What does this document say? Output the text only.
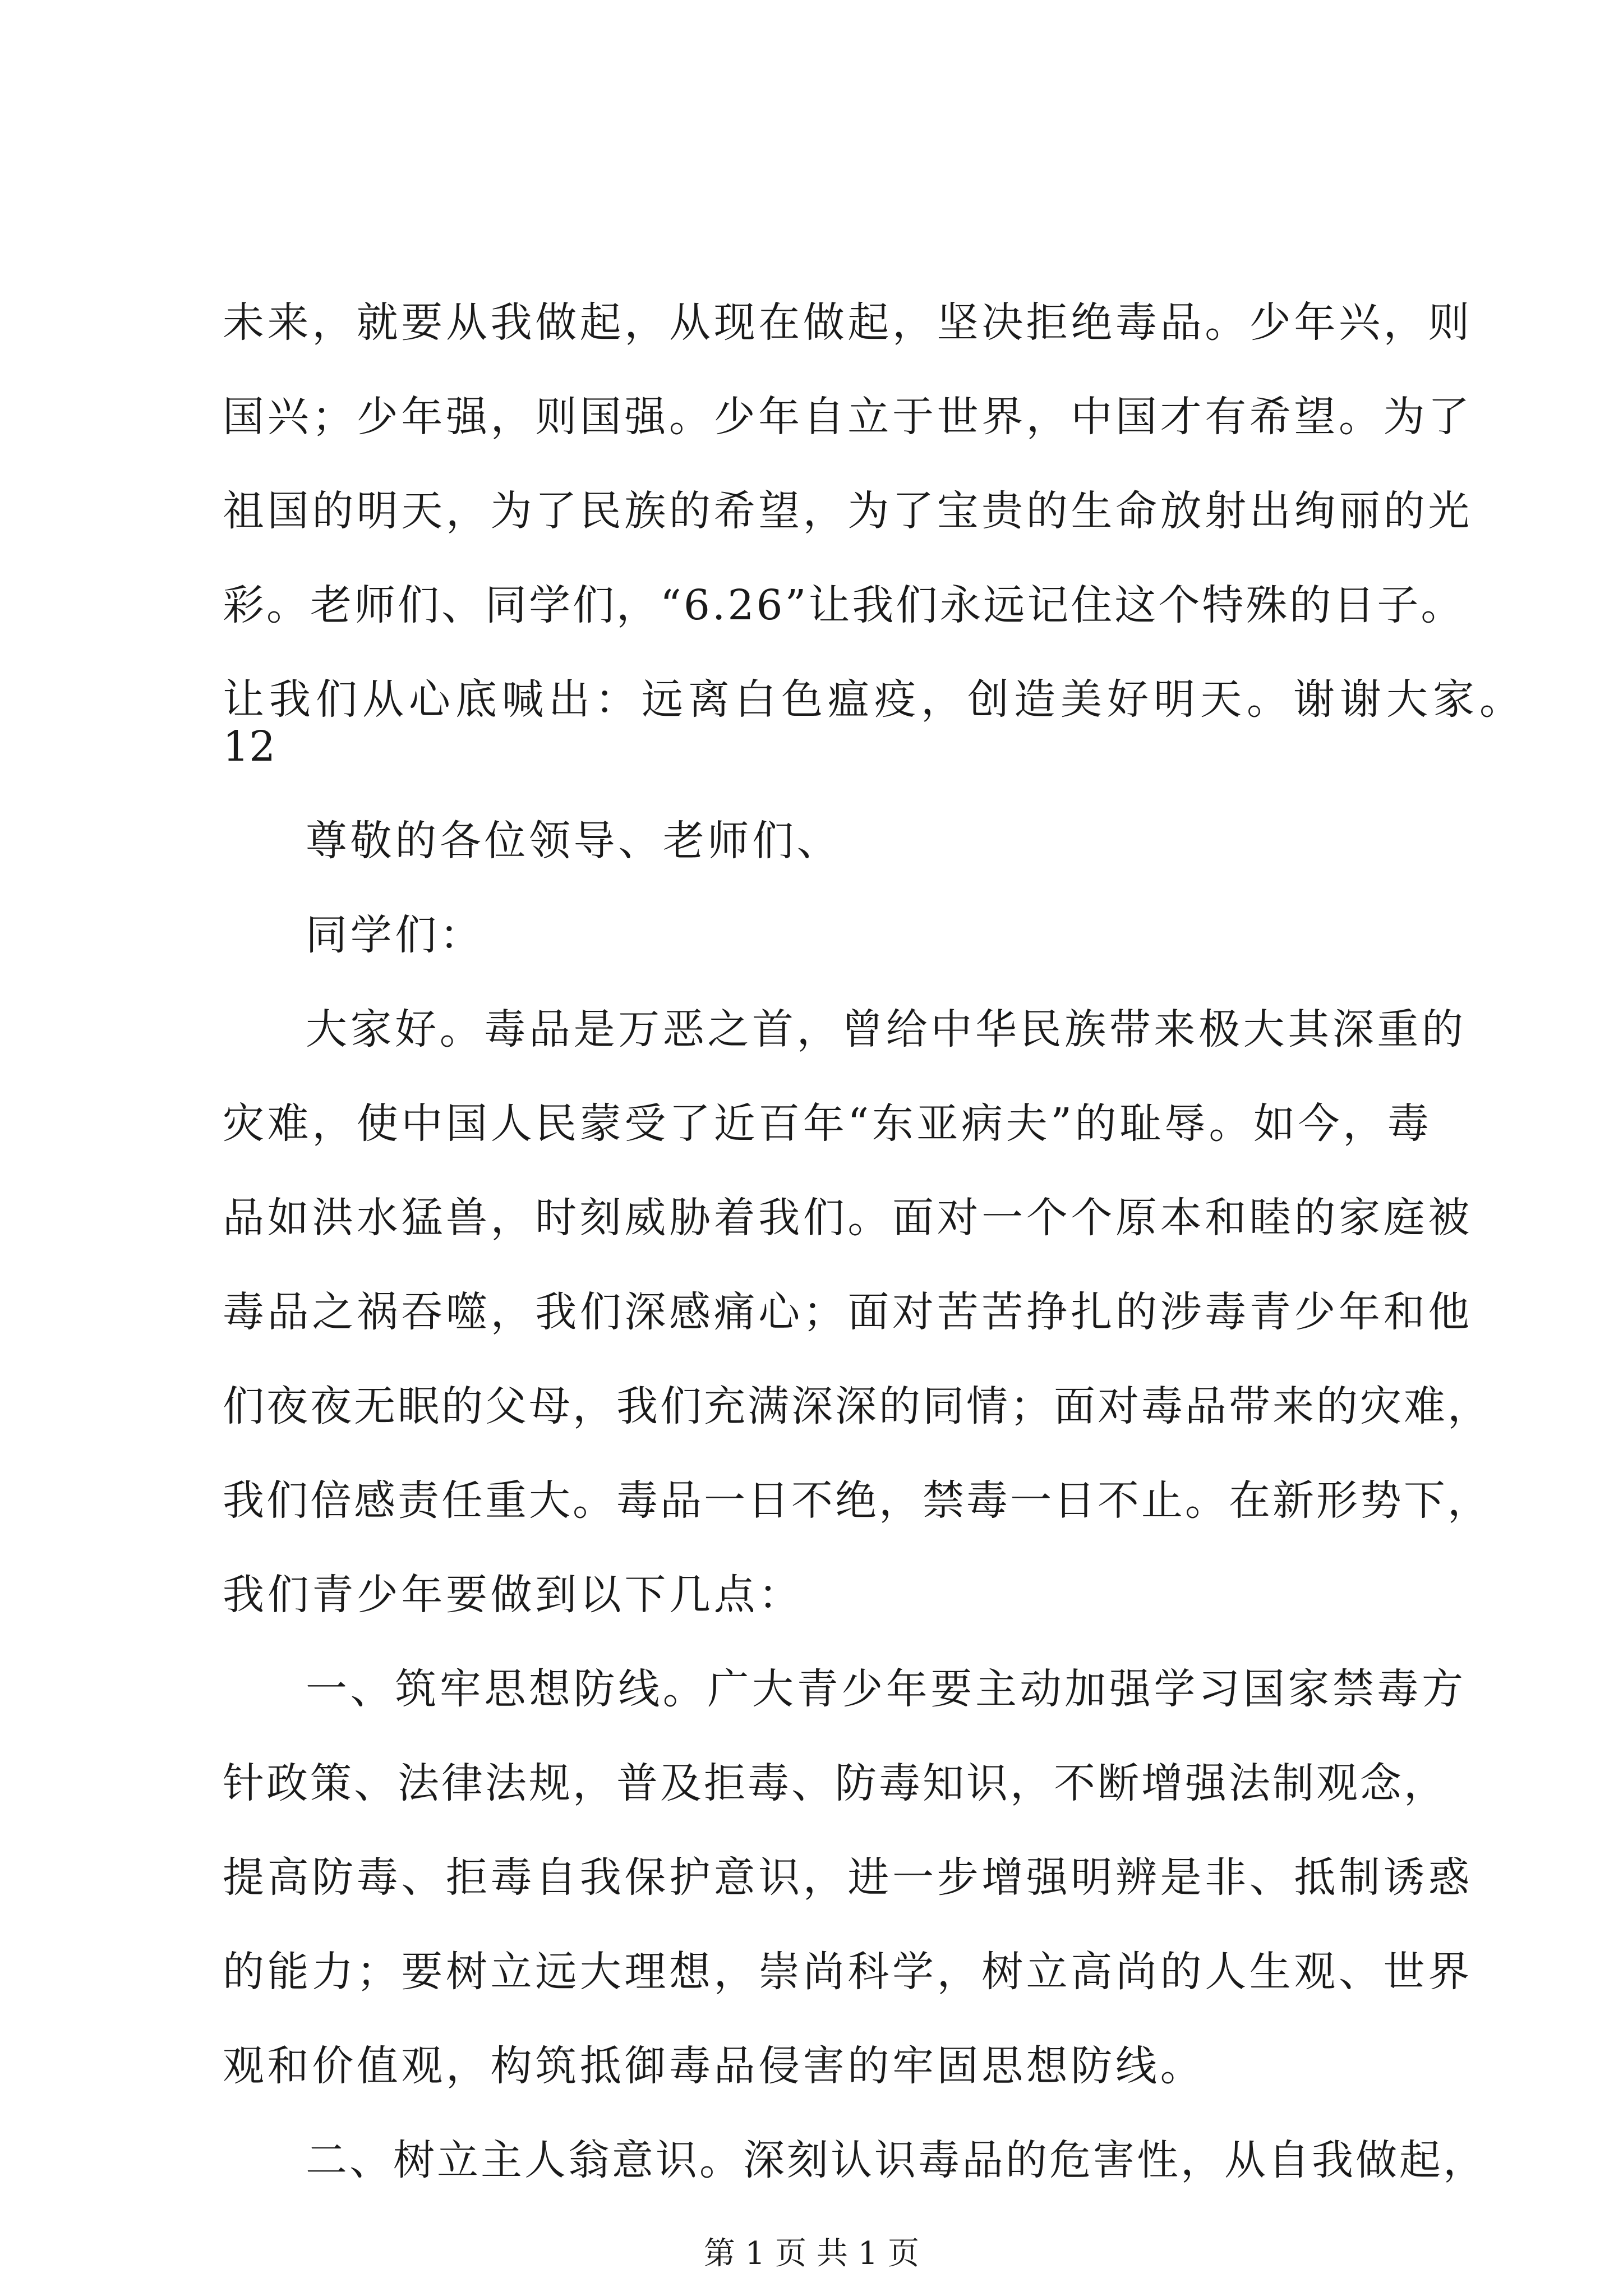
未来，就要从我做起，从现在做起，坚决拒绝毒品。少年兴，则
国兴；少年强，则国强。少年自立于世界，中国才有希望。为了
祖国的明天，为了民族的希望，为了宝贵的生命放射出绚丽的光
彩。老师们、同学们，“6.26”让我们永远记住这个特殊的日子。
让我们从心底喊出：远离白色瘟疫，创造美好明天。谢谢大家。
12
尊敬的各位领导、老师们、
同学们：
大家好。毒品是万恶之首，曾给中华民族带来极大其深重的
灾难，使中国人民蒙受了近百年“东亚病夫”的耻辱。如今，毒
品如洪水猛兽，时刻威胁着我们。面对一个个原本和睦的家庭被
毒品之祸吞噬，我们深感痛心；面对苦苦挣扎的涉毒青少年和他
们夜夜无眠的父母，我们充满深深的同情；面对毒品带来的灾难，
我们倍感责任重大。毒品一日不绝，禁毒一日不止。在新形势下，
我们青少年要做到以下几点：
一、筑牢思想防线。广大青少年要主动加强学习国家禁毒方
针政策、法律法规，普及拒毒、防毒知识，不断增强法制观念，
提高防毒、拒毒自我保护意识，进一步增强明辨是非、抵制诱惑
的能力；要树立远大理想，崇尚科学，树立高尚的人生观、世界
观和价值观，构筑抵御毒品侵害的牢固思想防线。
二、树立主人翁意识。深刻认识毒品的危害性，从自我做起，
第 1 页 共 1 页
